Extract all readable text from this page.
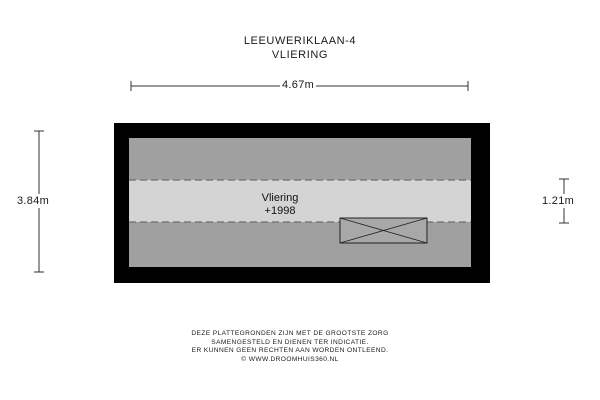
LEEUWERIKLAAN-4
VLIERING
4.67m
3.84m	1.21m
Vliering
+1998
DEZE PLATTEGRONDEN ZIJN MET DE GROOTSTE ZORG
SAMENGESTELD EN DIENEN TER INDICATIE.
ER KUNNEN GEEN RECHTEN AAN WORDEN ONTLEEND.
© WWW.DROOMHUIS360.NL
